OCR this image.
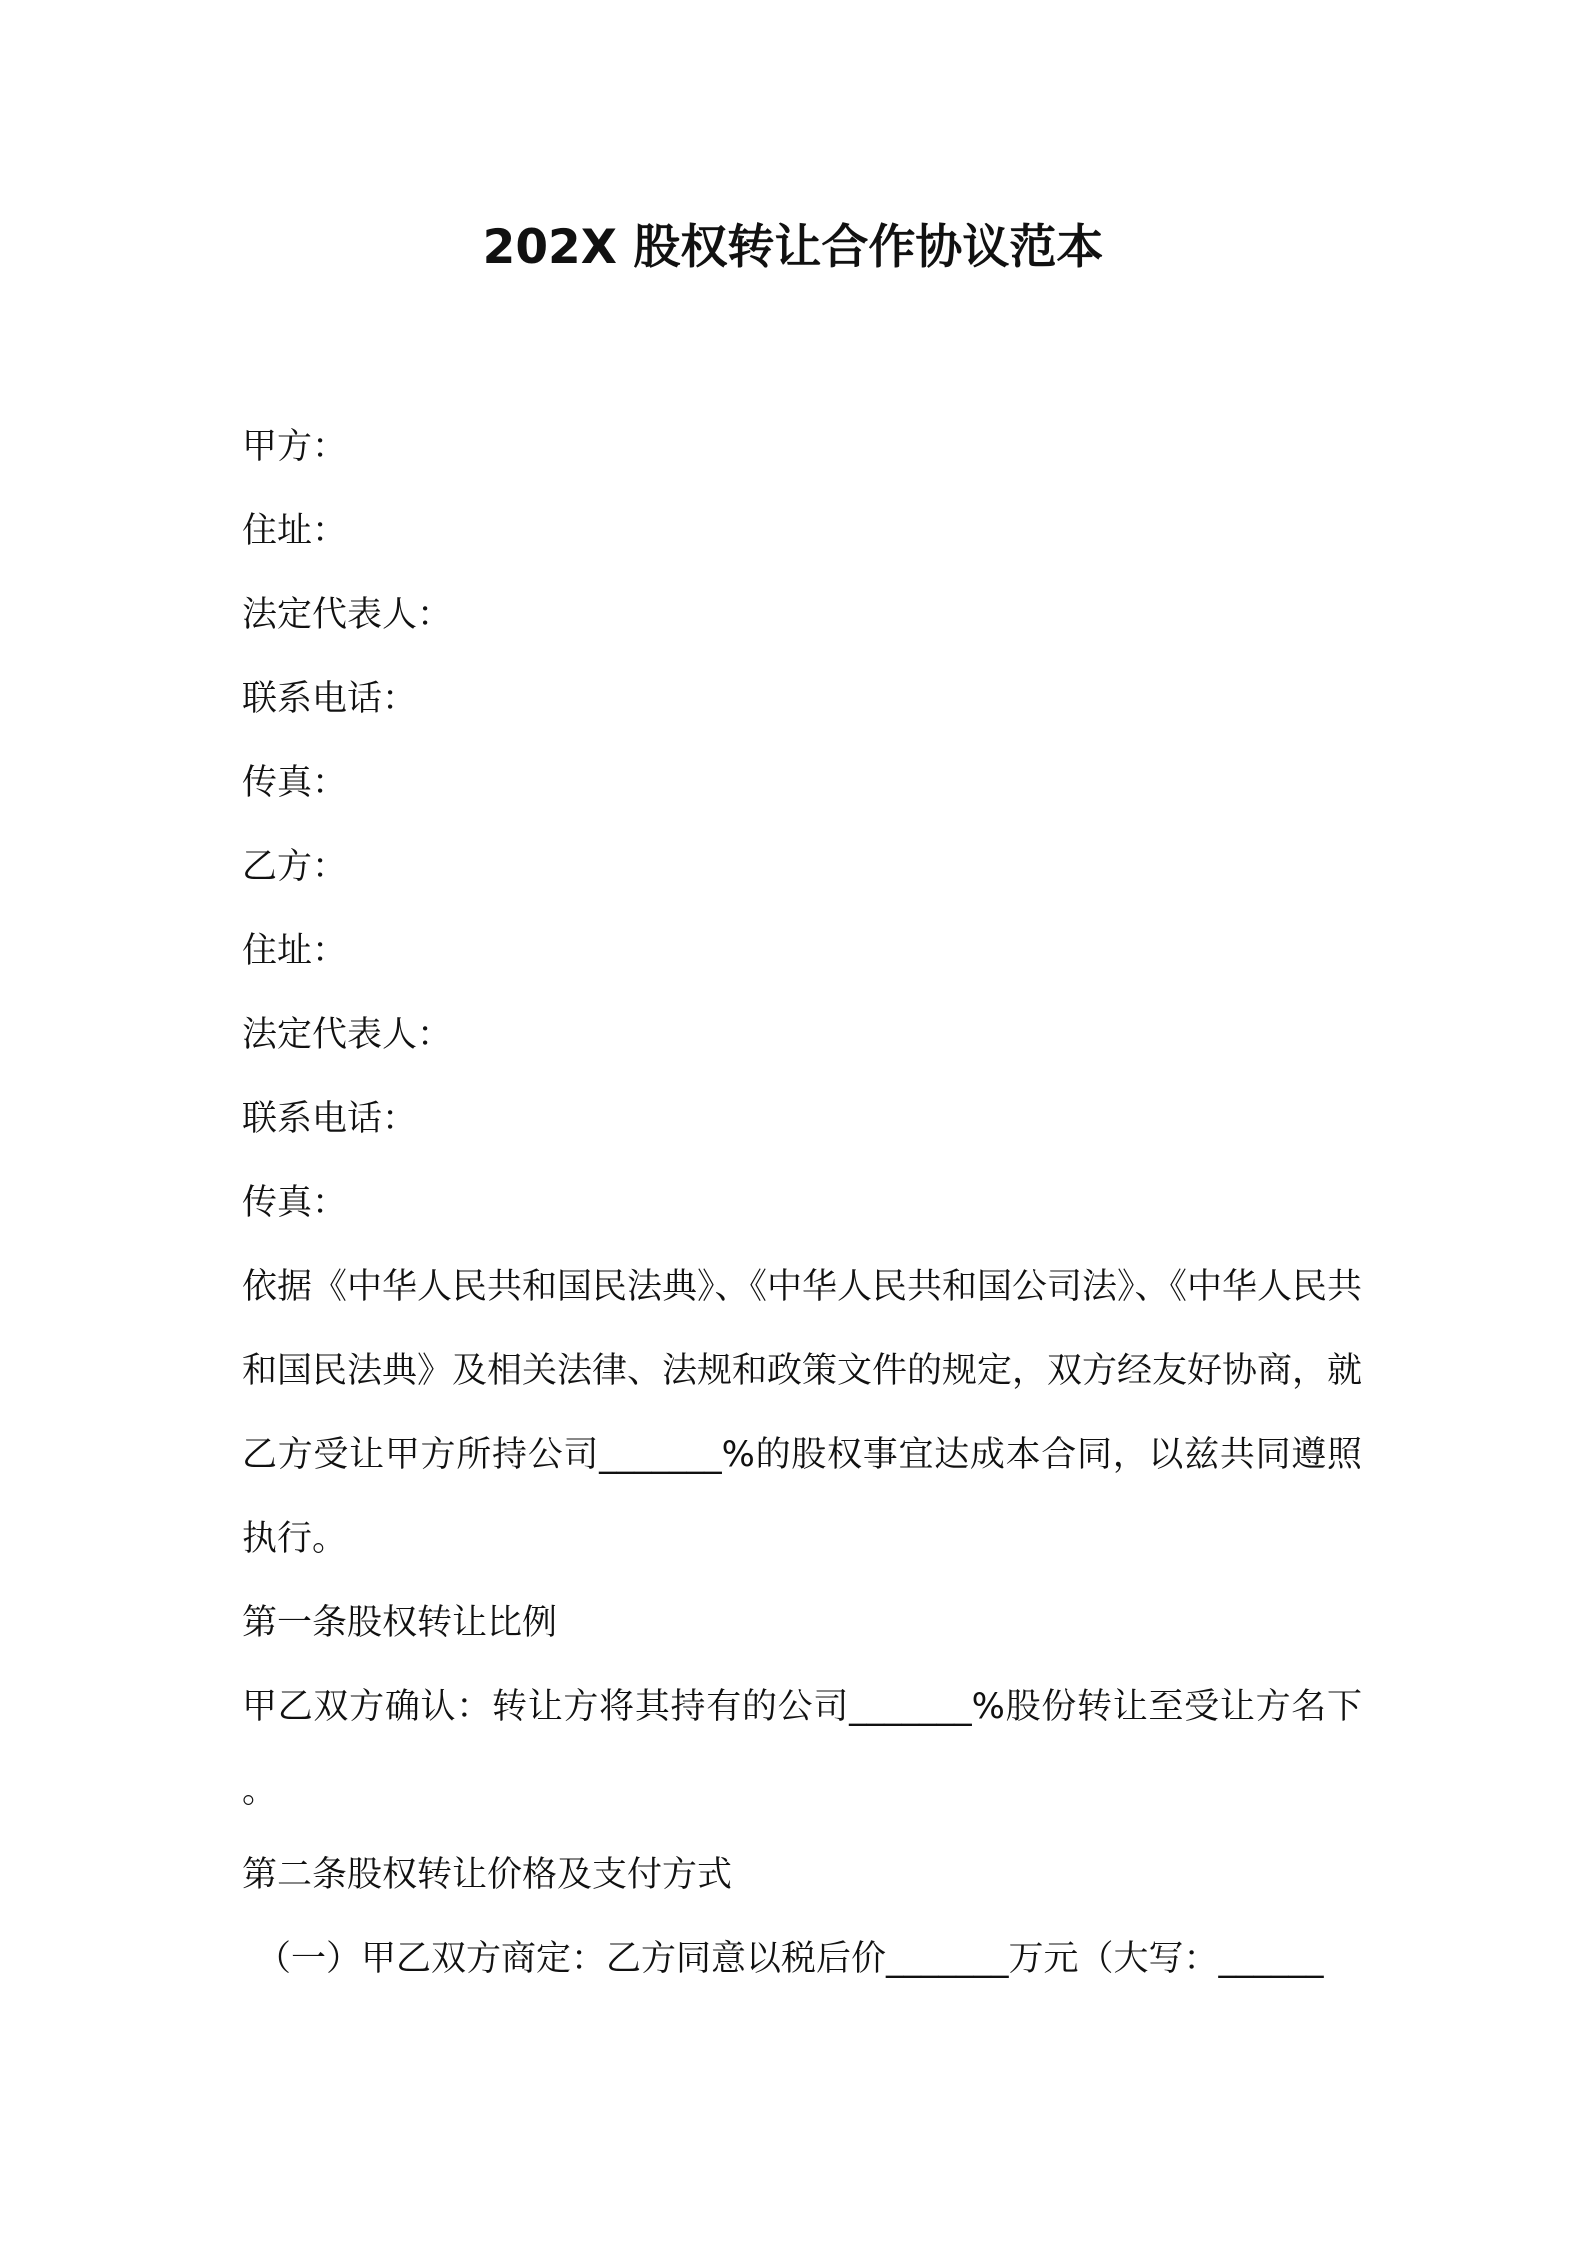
202X 股权转让合作协议范本

甲方：

住址：

法定代表人：

联系电话：

传真：

乙方：

住址：

法定代表人：

联系电话：

传真：

依据《中华人民共和国民法典》、《中华人民共和国公司法》、《中华人民共和国民法典》及相关法律、法规和政策文件的规定，双方经友好协商，就乙方受让甲方所持公司_______%的股权事宜达成本合同，以兹共同遵照执行。

第一条股权转让比例

甲乙双方确认：转让方将其持有的公司_______%股份转让至受让方名下。

第二条股权转让价格及支付方式

（一）甲乙双方商定：乙方同意以税后价_______万元（大写：______
